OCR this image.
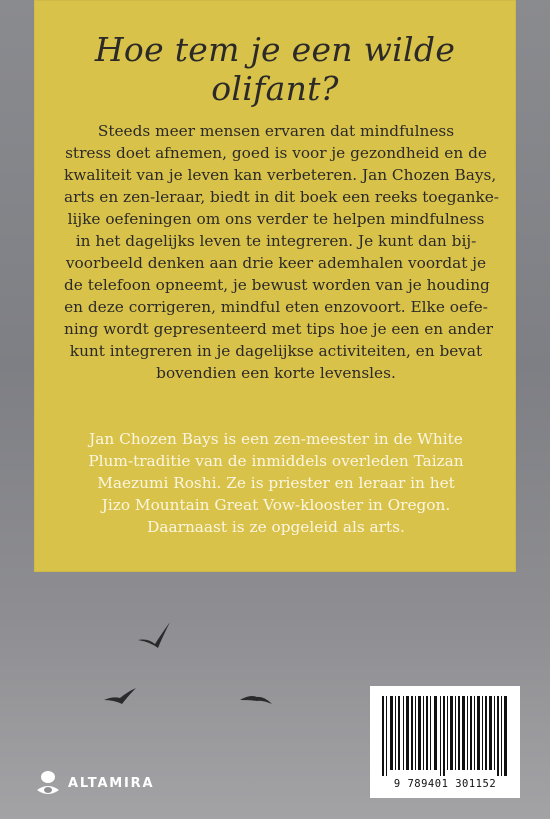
Hoe tem je een wilde olifant?
Steeds meer mensen ervaren dat mindfulness
stress doet afnemen, goed is voor je gezondheid en de
kwaliteit van je leven kan verbeteren. Jan Chozen Bays,
arts en zen-leraar, biedt in dit boek een reeks toeganke-
lijke oefeningen om ons verder te helpen mindfulness
in het dagelijks leven te integreren. Je kunt dan bij-
voorbeeld denken aan drie keer ademhalen voordat je
de telefoon opneemt, je bewust worden van je houding
en deze corrigeren, mindful eten enzovoort. Elke oefe-
ning wordt gepresenteerd met tips hoe je een en ander
kunt integreren in je dagelijkse activiteiten, en bevat
bovendien een korte levensles.
Jan Chozen Bays is een zen-meester in de White
Plum-traditie van de inmiddels overleden Taizan
Maezumi Roshi. Ze is priester en leraar in het
Jizo Mountain Great Vow-klooster in Oregon.
Daarnaast is ze opgeleid als arts.
ALTAMIRA	9 789401 301152
